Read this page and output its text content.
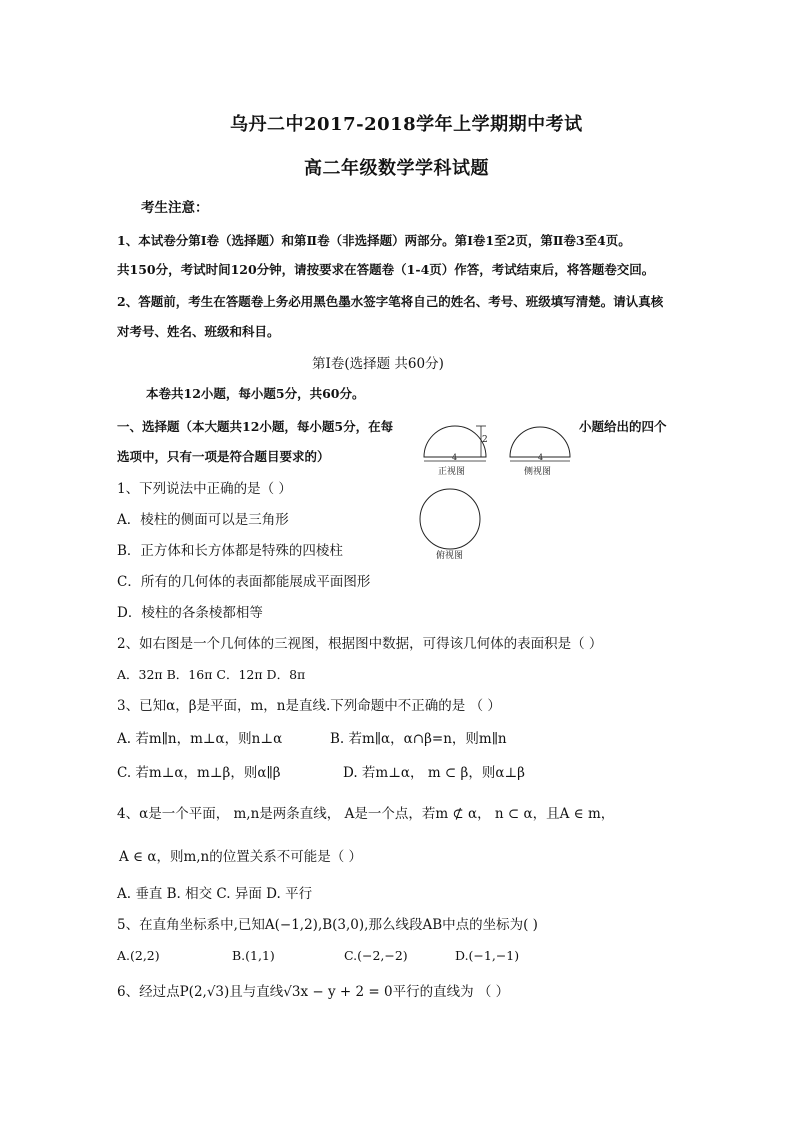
乌丹二中2017-2018学年上学期期中考试
高二年级数学学科试题
考生注意：
1、本试卷分第Ⅰ卷（选择题）和第Ⅱ卷（非选择题）两部分。第Ⅰ卷1至2页，第Ⅱ卷3至4页。
共150分，考试时间120分钟，请按要求在答题卷（1-4页）作答，考试结束后，将答题卷交回。
2、答题前，考生在答题卷上务必用黑色墨水签字笔将自己的姓名、考号、班级填写清楚。请认真核
对考号、姓名、班级和科目。
第Ⅰ卷(选择题 共60分)
本卷共12小题，每小题5分，共60分。
一、选择题（本大题共12小题，每小题5分，在每	小题给出的四个
选项中，只有一项是符合题目要求的）
2
4
正视图
4
侧视图
俯视图
1、下列说法中正确的是（ ）
A．棱柱的侧面可以是三角形
B．正方体和长方体都是特殊的四棱柱
C．所有的几何体的表面都能展成平面图形
D．棱柱的各条棱都相等
2、如右图是一个几何体的三视图，根据图中数据，可得该几何体的表面积是（ ）
A．32π B．16π C．12π D．8π
3、已知α，β是平面，m，n是直线.下列命题中不正确的是 （ ）
A. 若m∥n，m⊥α，则n⊥α	B. 若m∥α，α∩β=n，则m∥n
C. 若m⊥α，m⊥β，则α∥β	D. 若m⊥α， m ⊂ β，则α⊥β
4、α是一个平面， m,n是两条直线， A是一个点，若m ⊄ α， n ⊂ α，且A ∈ m，
A ∈ α，则m,n的位置关系不可能是（ ）
A. 垂直 B. 相交 C. 异面 D. 平行
5、在直角坐标系中,已知A(−1,2),B(3,0),那么线段AB中点的坐标为( )
A.(2,2)	B.(1,1)	C.(−2,−2)	D.(−1,−1)
6、经过点P(2,√3)且与直线√3x − y + 2 = 0平行的直线为 （ ）
